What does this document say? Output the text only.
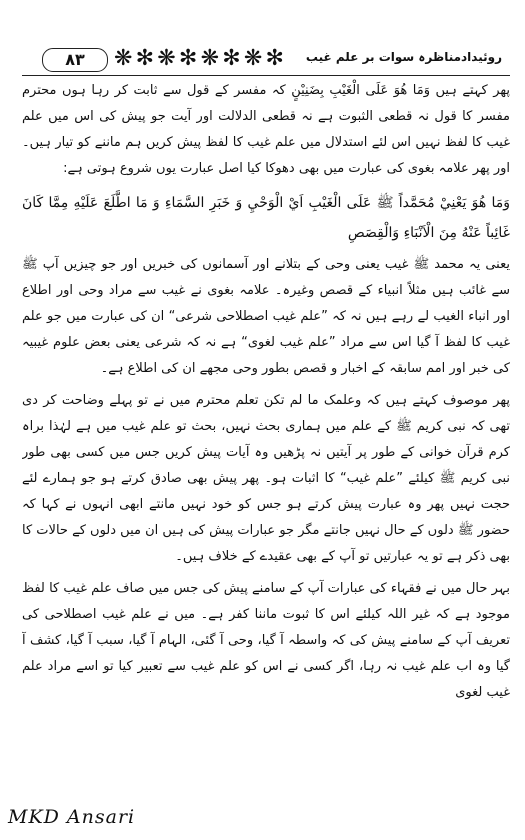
۸۳	❋ ✻ ❋ ✻ ❋ ✻ ❋ ✻ روئیدادمناظرہ سوات بر علم غیب

پھر کہتے ہیں وَمَا هُوَ عَلَى الْغَيْبِ بِضَنِيْنٍ کہ مفسر کے قول سے ثابت کر رہا ہوں محترم مفسر کا قول نہ قطعی الثبوت ہے نہ قطعی الدلالت اور آیت جو پیش کی اس میں علم غیب کا لفظ نہیں اس لئے استدلال میں علم غیب کا لفظ پیش کریں ہم ماننے کو تیار ہیں۔ اور پھر علامہ بغوی کی عبارت میں بھی دھوکا کیا اصل عبارت یوں شروع ہوتی ہے:

وَمَا هُوَ يَعْنِيْ مُحَمَّداً ﷺ عَلَى الْغَيْبِ اَيْ الْوَحْيِ وَ خَبَرِ السَّمَاءِ وَ مَا اطَّلَعَ عَلَيْهِ مِمَّا كَانَ غَائِباً عَنْهُ مِنَ الْاَنْبَاءِ وَالْقِصَصِ

یعنی یہ محمد ﷺ غیب یعنی وحی کے بتلانے اور آسمانوں کی خبریں اور جو چیزیں آپ ﷺ سے غائب ہیں مثلاً انبیاء کے قصص وغیرہ۔ علامہ بغوی نے غیب سے مراد وحی اور اطلاع اور انباء الغیب لے رہے ہیں نہ کہ ”علم غیب اصطلاحی شرعی“ ان کی عبارت میں جو علم غیب کا لفظ آ گیا اس سے مراد ”علم غیب لغوی“ ہے نہ کہ شرعی یعنی بعض علوم غیبیہ کی خبر اور امم سابقہ کے اخبار و قصص بطور وحی مجھے ان کی اطلاع ہے۔

پھر موصوف کہتے ہیں کہ وعلمک ما لم تکن تعلم محترم میں نے تو پہلے وضاحت کر دی تھی کہ نبی کریم ﷺ کے علم میں ہماری بحث نہیں، بحث تو علم غیب میں ہے لہٰذا براہ کرم قرآن خوانی کے طور پر آیتیں نہ پڑھیں وہ آیات پیش کریں جس میں کسی بھی طور نبی کریم ﷺ کیلئے ”علم غیب“ کا اثبات ہو۔ پھر پیش بھی صادق کرتے ہو جو ہمارے لئے حجت نہیں پھر وہ عبارت پیش کرتے ہو جس کو خود نہیں مانتے ابھی انہوں نے کہا کہ حضور ﷺ دلوں کے حال نہیں جانتے مگر جو عبارات پیش کی ہیں ان میں دلوں کے حالات کا بھی ذکر ہے تو یہ عبارتیں تو آپ کے بھی عقیدے کے خلاف ہیں۔

بہر حال میں نے فقہاء کی عبارات آپ کے سامنے پیش کی جس میں صاف علم غیب کا لفظ موجود ہے کہ غیر اللہ کیلئے اس کا ثبوت ماننا کفر ہے۔ میں نے علم غیب اصطلاحی کی تعریف آپ کے سامنے پیش کی کہ واسطہ آ گیا، وحی آ گئی، الہام آ گیا، سبب آ گیا، کشف آ گیا وہ اب علم غیب نہ رہا، اگر کسی نے اس کو علم غیب سے تعبیر کیا تو اسے مراد علم غیب لغوی

MKD Ansari
